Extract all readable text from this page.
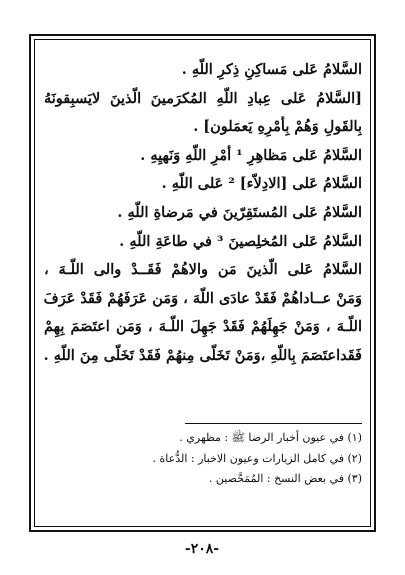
السَّلامُ عَلى مَساكِنِ ذِكرِ اللّهِ .
[السَّلامُ عَلى عِبادِ اللّهِ المُكرَمينَ الّذينَ لايَسبِقونَهُ
بِالقَولِ وَهُمْ بِأمْرِهِ يَعمَلون] .
السَّلامُ عَلى مَظاهِرِ ¹ أمْرِ اللّهِ وَنَهيِهِ .
السَّلامُ عَلى [الادِلاّء] ² عَلى اللّهِ .
السَّلامُ عَلى المُستَقِرّينَ في مَرضاةِ اللّهِ .
السَّلامُ عَلى المُخلِصينَ ³ في طاعَةِ اللّهِ .
السَّلامُ عَلى الّذينَ مَن والاهُمْ فَقَــدْ والى اللّـهَ ،
وَمَنْ عــاداهُمْ فَقَدْ عادَى اللّهَ ، وَمَن عَرَفَهُمْ فَقَدْ عَرَفَ
اللّـهَ ، وَمَنْ جَهِلَهُمْ فَقَدْ جَهِلَ اللّـهَ ، وَمَن اعتَصَمَ بِهِمْ
فَقَداعتَصَمَ بِاللّهِ ،وَمَنْ تَخَلّى مِنهُمْ فَقَدْ تَخَلّى مِنَ اللّهِ .
(١) في عيون أخبار الرضا ﷺ : مظهري .
(٢) في كامل الزيارات وعيون الاخبار : الدُّعاة .
(٣) في بعض النسخ : المُمَحَّصين .
-٢٠٨-
